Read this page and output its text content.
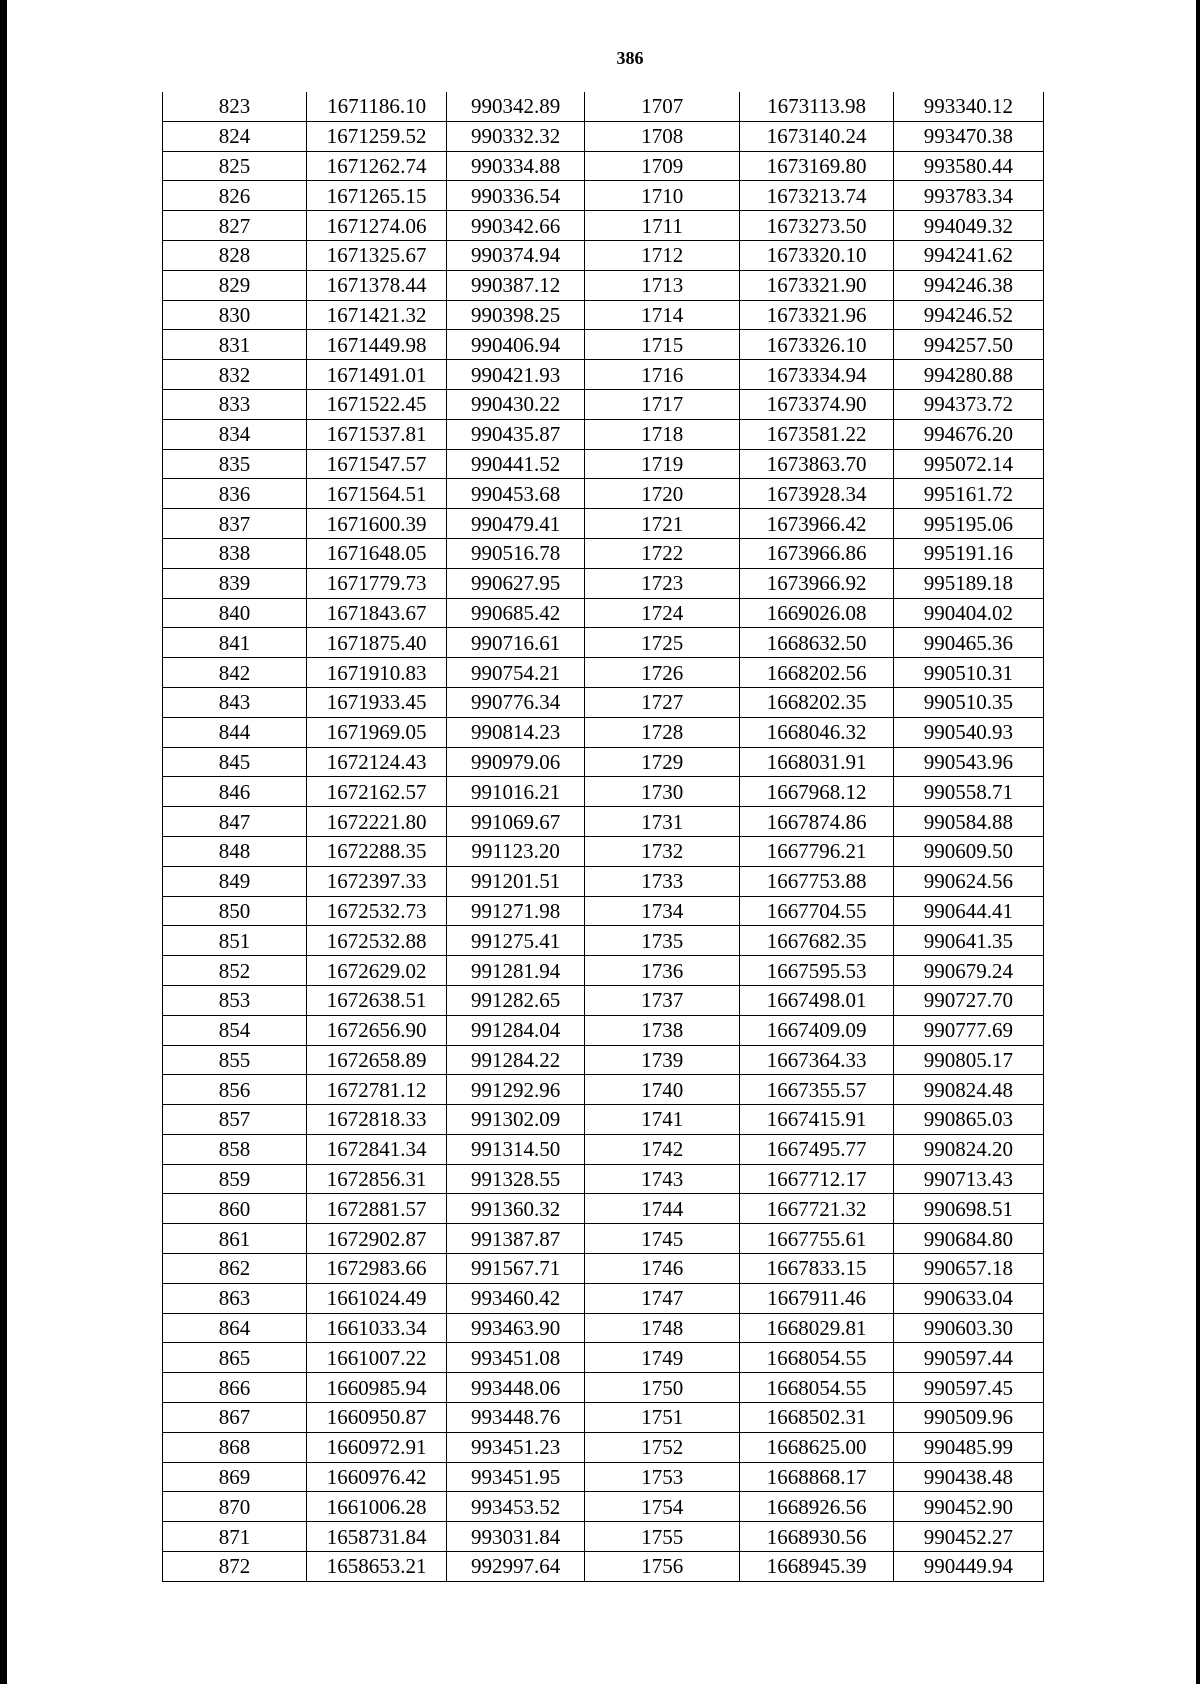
386
823	1671186.10	990342.89	1707	1673113.98	993340.12
824	1671259.52	990332.32	1708	1673140.24	993470.38
825	1671262.74	990334.88	1709	1673169.80	993580.44
826	1671265.15	990336.54	1710	1673213.74	993783.34
827	1671274.06	990342.66	1711	1673273.50	994049.32
828	1671325.67	990374.94	1712	1673320.10	994241.62
829	1671378.44	990387.12	1713	1673321.90	994246.38
830	1671421.32	990398.25	1714	1673321.96	994246.52
831	1671449.98	990406.94	1715	1673326.10	994257.50
832	1671491.01	990421.93	1716	1673334.94	994280.88
833	1671522.45	990430.22	1717	1673374.90	994373.72
834	1671537.81	990435.87	1718	1673581.22	994676.20
835	1671547.57	990441.52	1719	1673863.70	995072.14
836	1671564.51	990453.68	1720	1673928.34	995161.72
837	1671600.39	990479.41	1721	1673966.42	995195.06
838	1671648.05	990516.78	1722	1673966.86	995191.16
839	1671779.73	990627.95	1723	1673966.92	995189.18
840	1671843.67	990685.42	1724	1669026.08	990404.02
841	1671875.40	990716.61	1725	1668632.50	990465.36
842	1671910.83	990754.21	1726	1668202.56	990510.31
843	1671933.45	990776.34	1727	1668202.35	990510.35
844	1671969.05	990814.23	1728	1668046.32	990540.93
845	1672124.43	990979.06	1729	1668031.91	990543.96
846	1672162.57	991016.21	1730	1667968.12	990558.71
847	1672221.80	991069.67	1731	1667874.86	990584.88
848	1672288.35	991123.20	1732	1667796.21	990609.50
849	1672397.33	991201.51	1733	1667753.88	990624.56
850	1672532.73	991271.98	1734	1667704.55	990644.41
851	1672532.88	991275.41	1735	1667682.35	990641.35
852	1672629.02	991281.94	1736	1667595.53	990679.24
853	1672638.51	991282.65	1737	1667498.01	990727.70
854	1672656.90	991284.04	1738	1667409.09	990777.69
855	1672658.89	991284.22	1739	1667364.33	990805.17
856	1672781.12	991292.96	1740	1667355.57	990824.48
857	1672818.33	991302.09	1741	1667415.91	990865.03
858	1672841.34	991314.50	1742	1667495.77	990824.20
859	1672856.31	991328.55	1743	1667712.17	990713.43
860	1672881.57	991360.32	1744	1667721.32	990698.51
861	1672902.87	991387.87	1745	1667755.61	990684.80
862	1672983.66	991567.71	1746	1667833.15	990657.18
863	1661024.49	993460.42	1747	1667911.46	990633.04
864	1661033.34	993463.90	1748	1668029.81	990603.30
865	1661007.22	993451.08	1749	1668054.55	990597.44
866	1660985.94	993448.06	1750	1668054.55	990597.45
867	1660950.87	993448.76	1751	1668502.31	990509.96
868	1660972.91	993451.23	1752	1668625.00	990485.99
869	1660976.42	993451.95	1753	1668868.17	990438.48
870	1661006.28	993453.52	1754	1668926.56	990452.90
871	1658731.84	993031.84	1755	1668930.56	990452.27
872	1658653.21	992997.64	1756	1668945.39	990449.94
